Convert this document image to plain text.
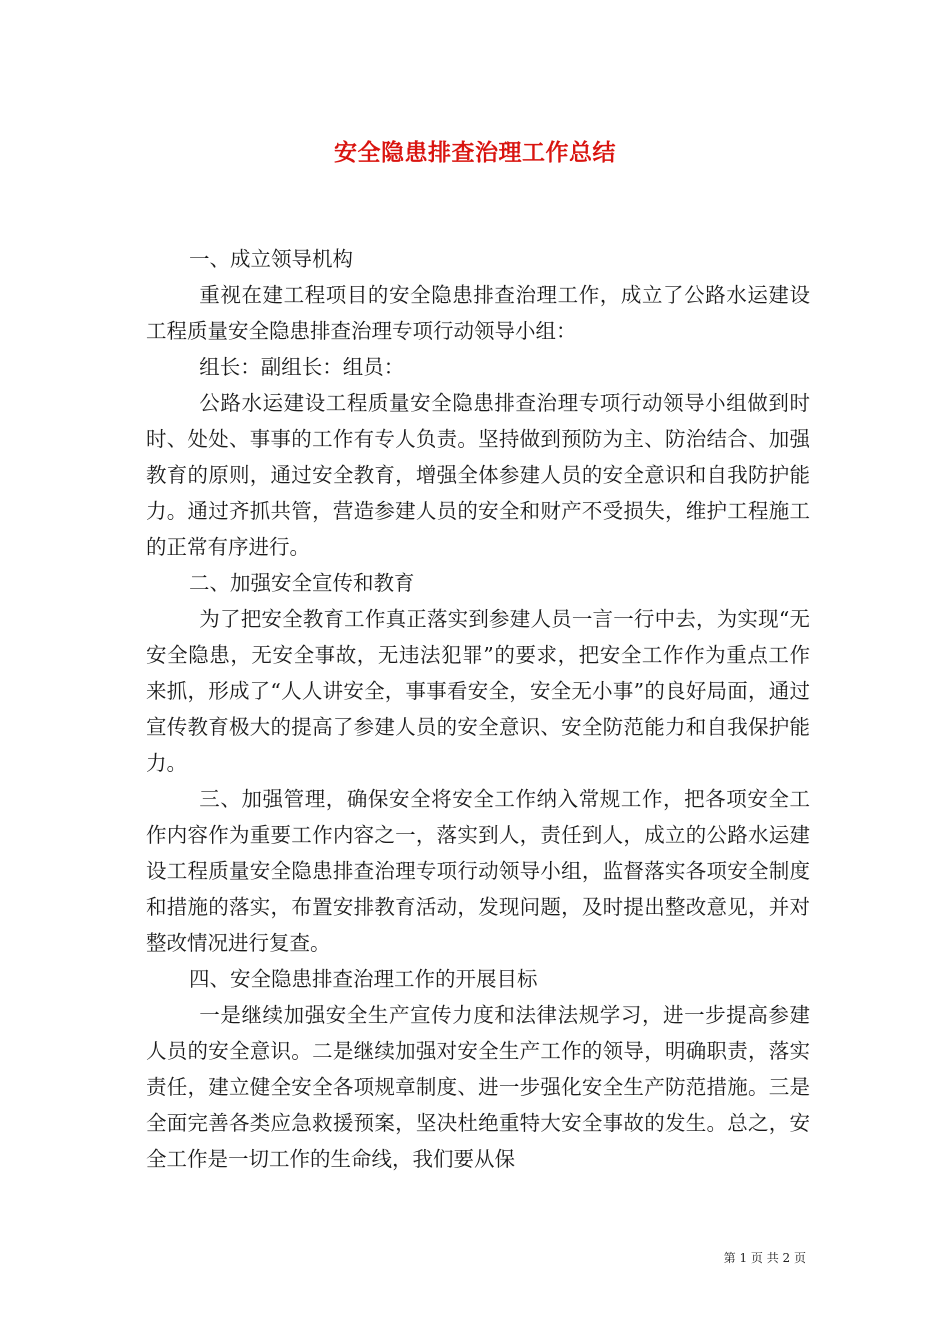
安全隐患排查治理工作总结

一、成立领导机构

重视在建工程项目的安全隐患排查治理工作，成立了公路水运建设工程质量安全隐患排查治理专项行动领导小组：

组长：副组长：组员：

公路水运建设工程质量安全隐患排查治理专项行动领导小组做到时时、处处、事事的工作有专人负责。坚持做到预防为主、防治结合、加强教育的原则，通过安全教育，增强全体参建人员的安全意识和自我防护能力。通过齐抓共管，营造参建人员的安全和财产不受损失，维护工程施工的正常有序进行。

二、加强安全宣传和教育

为了把安全教育工作真正落实到参建人员一言一行中去，为实现“无安全隐患，无安全事故，无违法犯罪”的要求，把安全工作作为重点工作来抓，形成了“人人讲安全，事事看安全，安全无小事”的良好局面，通过宣传教育极大的提高了参建人员的安全意识、安全防范能力和自我保护能力。

三、加强管理，确保安全将安全工作纳入常规工作，把各项安全工作内容作为重要工作内容之一，落实到人，责任到人，成立的公路水运建设工程质量安全隐患排查治理专项行动领导小组，监督落实各项安全制度和措施的落实，布置安排教育活动，发现问题，及时提出整改意见，并对整改情况进行复查。

四、安全隐患排查治理工作的开展目标

一是继续加强安全生产宣传力度和法律法规学习，进一步提高参建人员的安全意识。二是继续加强对安全生产工作的领导，明确职责，落实责任，建立健全安全各项规章制度、进一步强化安全生产防范措施。三是全面完善各类应急救援预案，坚决杜绝重特大安全事故的发生。总之，安全工作是一切工作的生命线，我们要从保

第 1 页 共 2 页
